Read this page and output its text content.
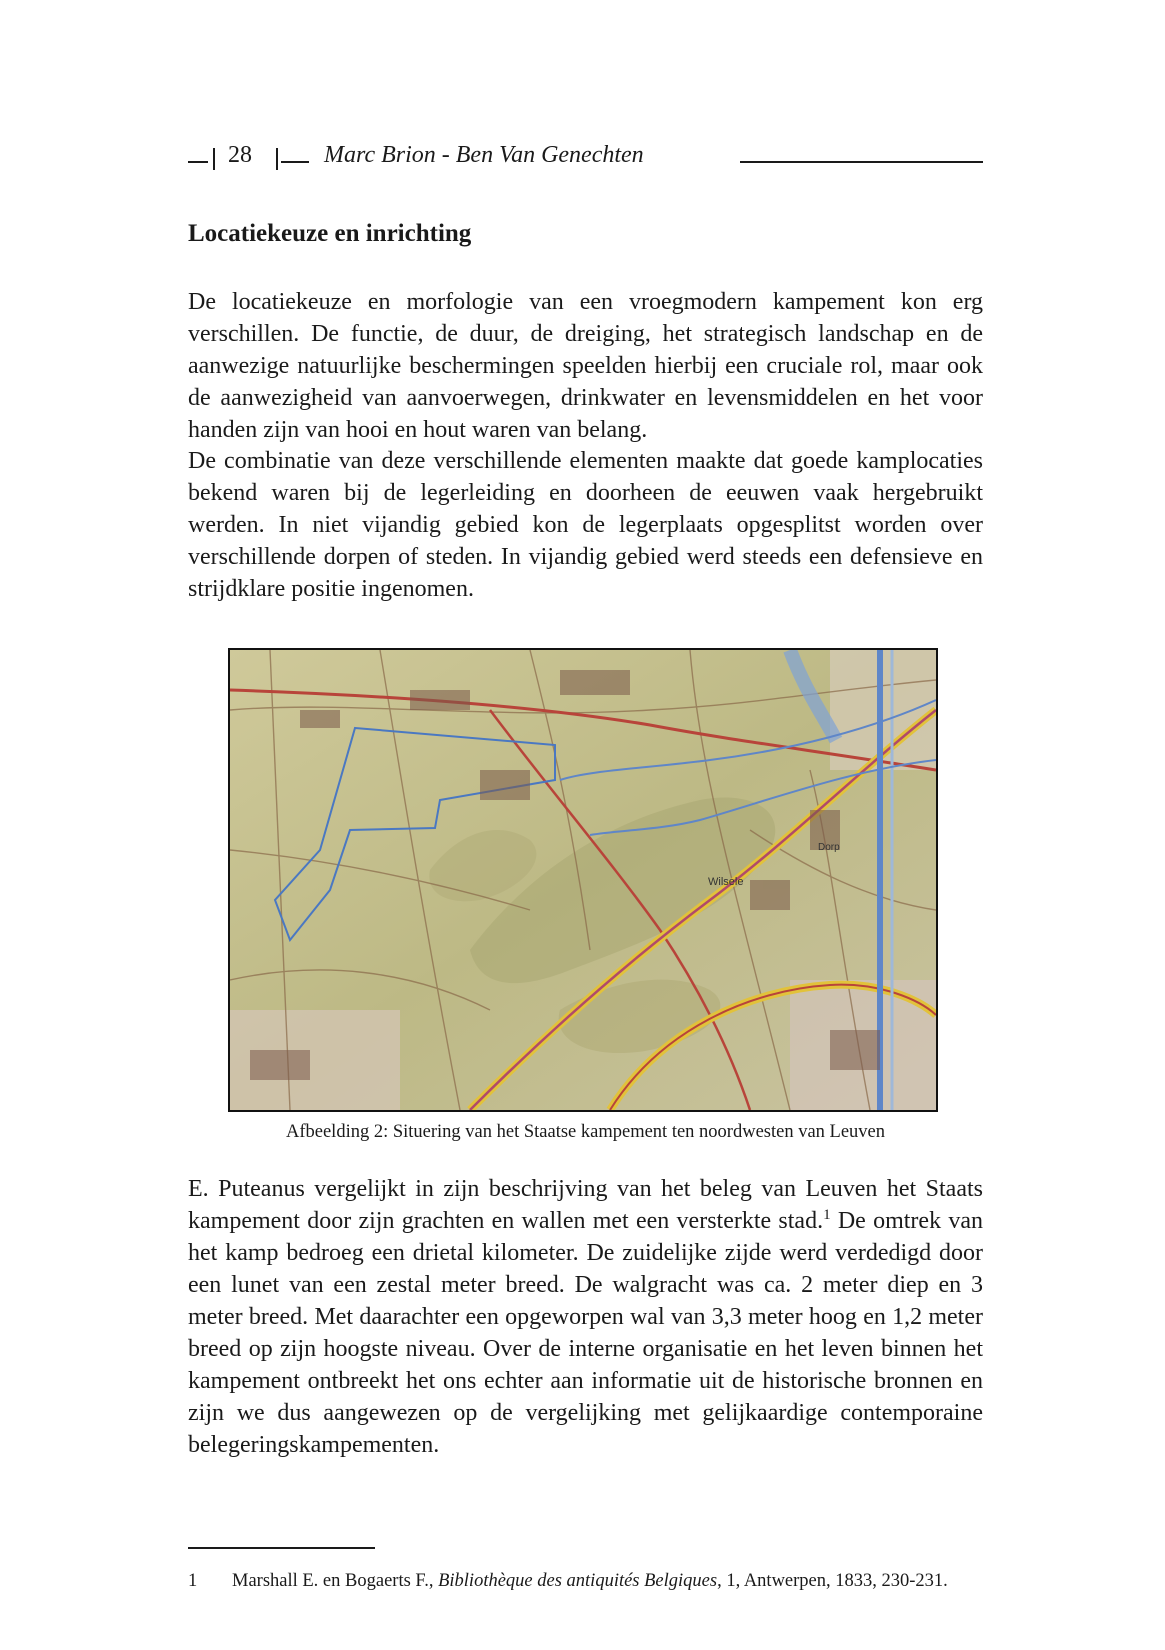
28	Marc Brion - Ben Van Genechten
Locatiekeuze en inrichting

De locatiekeuze en morfologie van een vroegmodern kampement kon erg verschillen. De functie, de duur, de dreiging, het strategisch landschap en de aanwezige natuurlijke beschermingen speelden hierbij een cruciale rol, maar ook de aanwezigheid van aanvoerwegen, drinkwater en levensmiddelen en het voor handen zijn van hooi en hout waren van belang.

De combinatie van deze verschillende elementen maakte dat goede kamplocaties bekend waren bij de legerleiding en doorheen de eeuwen vaak hergebruikt werden. In niet vijandig gebied kon de legerplaats opgesplitst worden over verschillende dorpen of steden. In vijandig gebied werd steeds een defensieve en strijdklare positie ingenomen.

Wilsele
Dorp
Afbeelding 2: Situering van het Staatse kampement ten noordwesten van Leuven

E. Puteanus vergelijkt in zijn beschrijving van het beleg van Leuven het Staats kampement door zijn grachten en wallen met een versterkte stad.$^1$ De omtrek van het kamp bedroeg een drietal kilometer. De zuidelijke zijde werd verdedigd door een lunet van een zestal meter breed. De walgracht was ca. 2 meter diep en 3 meter breed. Met daarachter een opgeworpen wal van 3,3 meter hoog en 1,2 meter breed op zijn hoogste niveau. Over de interne organisatie en het leven binnen het kampement ontbreekt het ons echter aan informatie uit de historische bronnen en zijn we dus aangewezen op de vergelijking met gelijkaardige contemporaine belegeringskampementen.

1 Marshall E. en Bogaerts F., Bibliothèque des antiquités Belgiques, 1, Antwerpen, 1833, 230-231.
